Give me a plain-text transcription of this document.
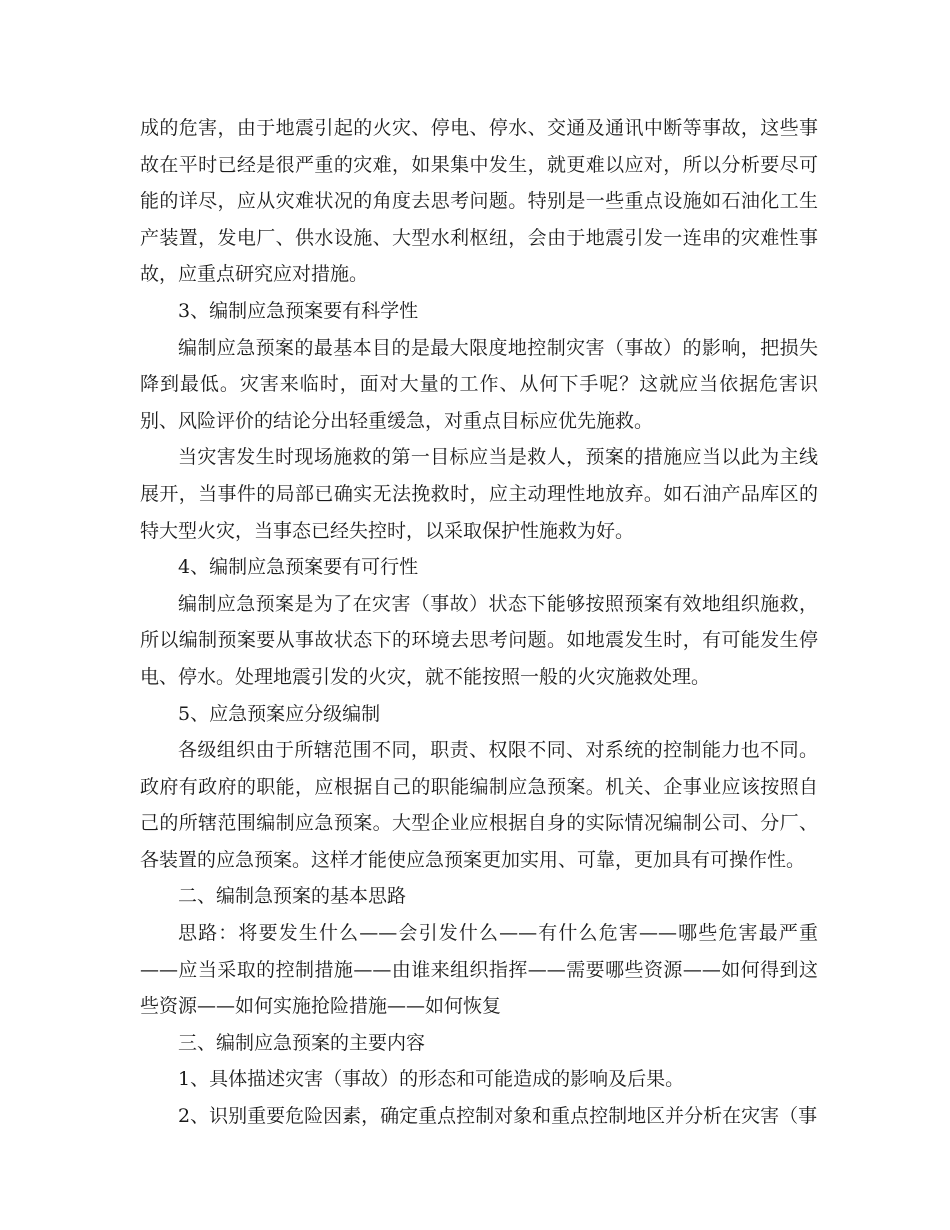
成的危害，由于地震引起的火灾、停电、停水、交通及通讯中断等事故，这些事故在平时已经是很严重的灾难，如果集中发生，就更难以应对，所以分析要尽可能的详尽，应从灾难状况的角度去思考问题。特别是一些重点设施如石油化工生产装置，发电厂、供水设施、大型水利枢纽，会由于地震引发一连串的灾难性事故，应重点研究应对措施。

3、编制应急预案要有科学性

编制应急预案的最基本目的是最大限度地控制灾害（事故）的影响，把损失降到最低。灾害来临时，面对大量的工作、从何下手呢？这就应当依据危害识别、风险评价的结论分出轻重缓急，对重点目标应优先施救。

当灾害发生时现场施救的第一目标应当是救人，预案的措施应当以此为主线展开，当事件的局部已确实无法挽救时，应主动理性地放弃。如石油产品库区的特大型火灾，当事态已经失控时，以采取保护性施救为好。

4、编制应急预案要有可行性

编制应急预案是为了在灾害（事故）状态下能够按照预案有效地组织施救，所以编制预案要从事故状态下的环境去思考问题。如地震发生时，有可能发生停电、停水。处理地震引发的火灾，就不能按照一般的火灾施救处理。

5、应急预案应分级编制

各级组织由于所辖范围不同，职责、权限不同、对系统的控制能力也不同。政府有政府的职能，应根据自己的职能编制应急预案。机关、企事业应该按照自己的所辖范围编制应急预案。大型企业应根据自身的实际情况编制公司、分厂、各装置的应急预案。这样才能使应急预案更加实用、可靠，更加具有可操作性。

二、编制急预案的基本思路

思路：将要发生什么——会引发什么——有什么危害——哪些危害最严重——应当采取的控制措施——由谁来组织指挥——需要哪些资源——如何得到这些资源——如何实施抢险措施——如何恢复

三、编制应急预案的主要内容

1、具体描述灾害（事故）的形态和可能造成的影响及后果。

2、识别重要危险因素，确定重点控制对象和重点控制地区并分析在灾害（事
